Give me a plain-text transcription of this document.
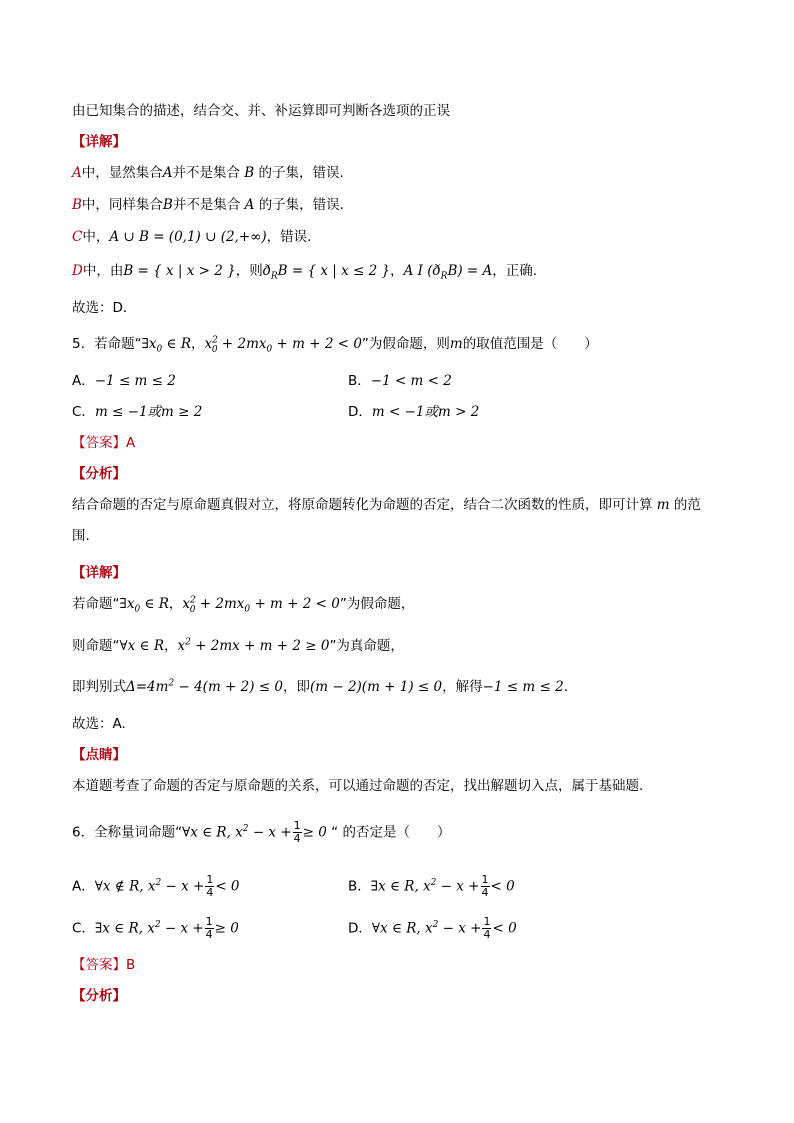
由已知集合的描述，结合交、并、补运算即可判断各选项的正误
【详解】
A中，显然集合A并不是集合 B 的子集，错误.
B中，同样集合B并不是集合 A 的子集，错误.
C中，A ∪ B = (0,1) ∪ (2,+∞)，错误.
D中，由B = { x | x > 2 }，则$ð_RB$ = { x | x ≤ 2 }，A I $(ð_RB) = A$，正确.
故选：D．
5．若命题“$\exists x_0$ ∈ R，$x^2_0 + 2mx_0 + m + 2 < 0$”为假命题，则m的取值范围是（　　）
A．−1 ≤ m ≤ 2	B．−1 < m < 2
C．m ≤ −1或m ≥ 2	D．m < −1或m > 2
【答案】A
【分析】
结合命题的否定与原命题真假对立，将原命题转化为命题的否定，结合二次函数的性质，即可计算 m 的范
围.
【详解】
若命题“$\exists x_0$ ∈ R，$x^2_0 + 2mx_0 + m + 2 < 0$”为假命题，
则命题“∀x ∈ R，$x^2 + 2mx + m + 2 \ge 0$”为真命题，
即判别式$\Delta=4m^2 - 4(m + 2) \le 0$，即(m − 2)(m + 1) ≤ 0，解得−1 ≤ m ≤ 2.
故选：A.
【点睛】
本道题考查了命题的否定与原命题的关系，可以通过命题的否定，找出解题切入点，属于基础题.
6．全称量词命题“∀x ∈ R, $x^2 - x + \frac{1}{4} \ge 0$ “ 的否定是（　　）
A．∀x ∉ R, $x^2 - x + \frac{1}{4} < 0$	B．∃x ∈ R, $x^2 - x + \frac{1}{4} < 0$
C．∃x ∈ R, $x^2 - x + \frac{1}{4} \ge 0$	D．∀x ∈ R, $x^2 - x + \frac{1}{4} < 0$
【答案】B
【分析】
